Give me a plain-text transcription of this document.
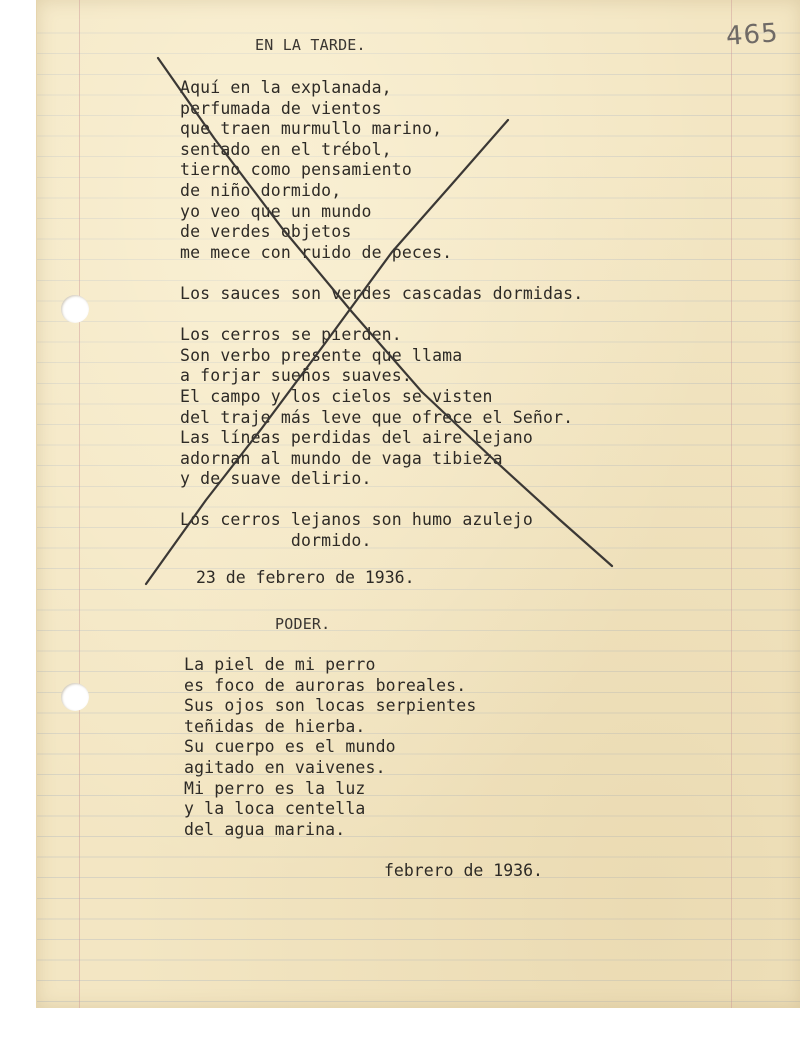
465
EN LA TARDE.
Aquí en la explanada,
perfumada de vientos
que traen murmullo marino,
sentado en el trébol,
tierno como pensamiento
de niño dormido,
yo veo que un mundo
de verdes objetos
me mece con ruido de peces.
Los sauces son verdes cascadas dormidas.
Los cerros se pierden.
Son verbo presente que llama
a forjar sueños suaves.
El campo y los cielos se visten
del traje más leve que ofrece el Señor.
Las líneas perdidas del aire lejano
adornan al mundo de vaga tibieza
y de suave delirio.
Los cerros lejanos son humo azulejo
dormido.
23 de febrero de 1936.
PODER.
La piel de mi perro
es foco de auroras boreales.
Sus ojos son locas serpientes
teñidas de hierba.
Su cuerpo es el mundo
agitado en vaivenes.
Mi perro es la luz
y la loca centella
del agua marina.
febrero de 1936.
